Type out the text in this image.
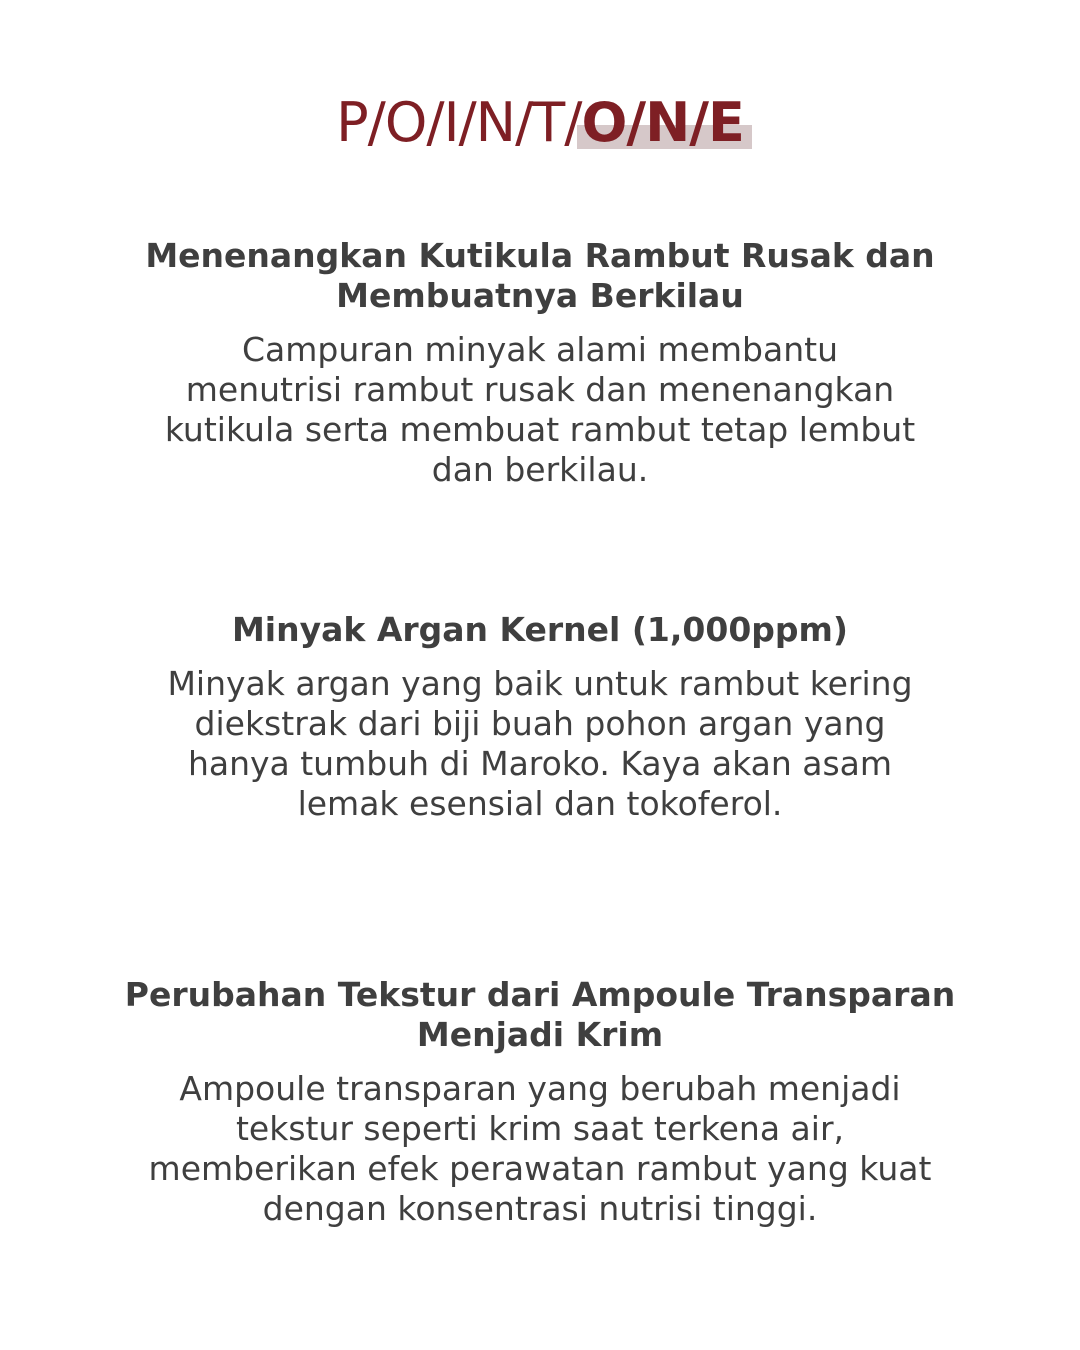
P/O/I/N/T/O/N/E
Menenangkan Kutikula Rambut Rusak dan Membuatnya Berkilau

Campuran minyak alami membantu menutrisi rambut rusak dan menenangkan kutikula serta membuat rambut tetap lembut dan berkilau.

Minyak Argan Kernel (1,000ppm)

Minyak argan yang baik untuk rambut kering diekstrak dari biji buah pohon argan yang hanya tumbuh di Maroko. Kaya akan asam lemak esensial dan tokoferol.

Perubahan Tekstur dari Ampoule Transparan Menjadi Krim

Ampoule transparan yang berubah menjadi tekstur seperti krim saat terkena air, memberikan efek perawatan rambut yang kuat dengan konsentrasi nutrisi tinggi.
